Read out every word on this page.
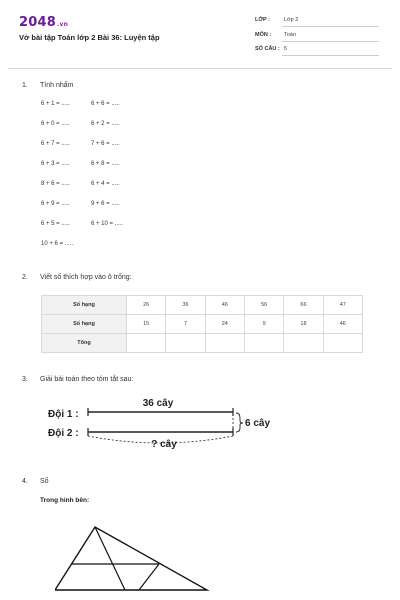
2048.vn
Vở bài tập Toán lớp 2 Bài 36: Luyện tập
LỚP :	Lớp 2
MÔN : Toán
SỐ CÂU : 5
1. Tính nhẩm
6 + 1 = .....	6 + 6 = .....
6 + 0 = .....	6 + 2 = .....
6 + 7 = .....	7 + 6 = .....
6 + 3 = .....	6 + 8 = .....
8 + 6 = .....	6 + 4 = .....
6 + 9 = .....	9 + 6 = .....
6 + 5 = .....	6 + 10 = .....
10 + 6 = .....
2. Viết số thích hợp vào ô trống:
Số hạng	26	36	46	56	66	47
Số hạng	15	7	24	9	18	46
Tổng						
3. Giải bài toán theo tóm tắt sau:
Đội 1 :
Đội 2 :
36 cây
6 cây
? cây
4. Số
Trong hình bên:
